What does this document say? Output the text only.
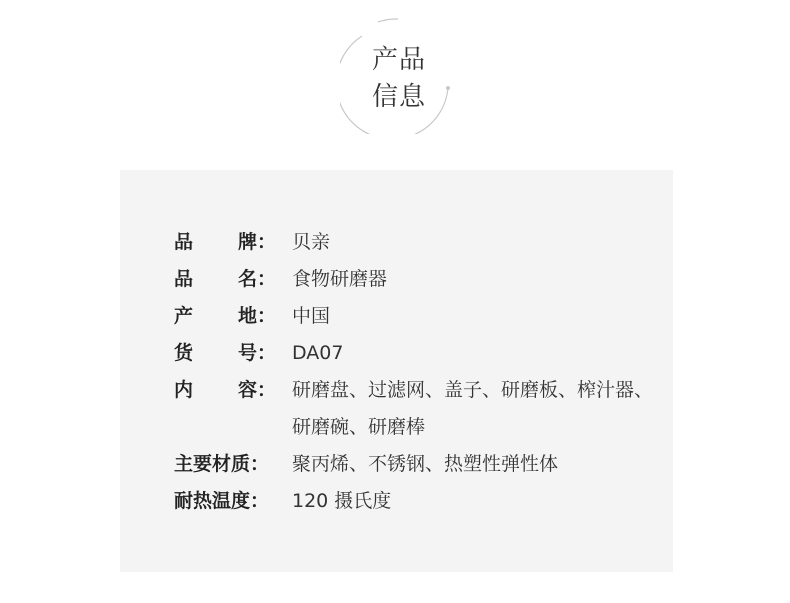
产品
信息
品 牌： 贝亲
品 名： 食物研磨器
产 地： 中国
货 号： DA07
内 容： 研磨盘、过滤网、盖子、研磨板、榨汁器、研磨碗、研磨棒
主要材质：	聚丙烯、不锈钢、热塑性弹性体
耐热温度：	120 摄氏度
